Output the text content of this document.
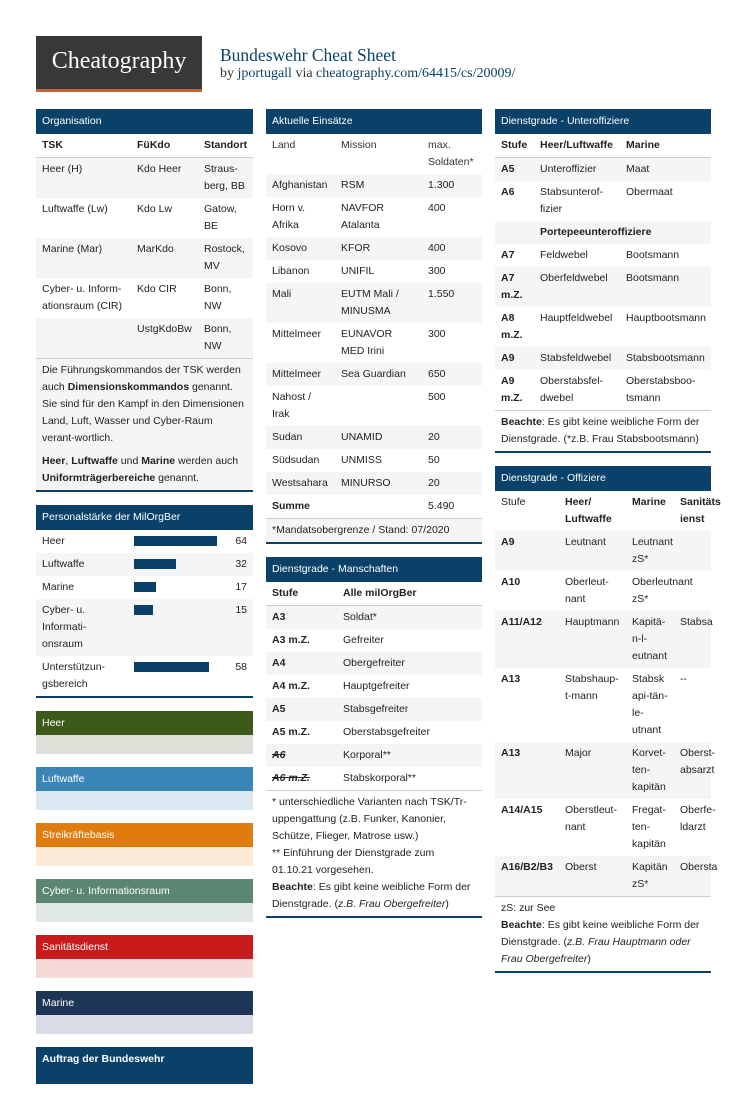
Cheatography	Bundeswehr Cheat Sheet
by jportugall via cheatography.com/64415/cs/20009/
Organisation
TSK	FüKdo	Standort
Heer (H)	Kdo Heer	Straus-berg, BB
Luftwaffe (Lw)	Kdo Lw	Gatow, BE
Marine (Mar)	MarKdo	Rostock, MV
Cyber- u. Inform-ationsraum (CIR)	Kdo CIR	Bonn, NW
	UstgKdoBw	Bonn, NW
Die Führungskommandos der TSK werden auch Dimensionskommandos genannt. Sie sind für den Kampf in den Dimensionen Land, Luft, Wasser und Cyber-Raum verant-wortlich.
Heer, Luftwaffe und Marine werden auch Uniformträgerbereiche genannt.
Personalstärke der MilOrgBer
Heer		64
Luftwaffe		32
Marine		17
Cyber- u. Informati-onsraum		15
Unterstützun-gsbereich		58
Heer
Luftwaffe
Streikräftebasis
Cyber- u. Informationsraum
Sanitätsdienst
Marine
Auftrag der Bundeswehr
Aktuelle Einsätze
Land	Mission	max. Soldaten*
Afghanistan	RSM	1.300
Horn v. Afrika	NAVFOR Atalanta	400
Kosovo	KFOR	400
Libanon	UNIFIL	300
Mali	EUTM Mali / MINUSMA	1.550
Mittelmeer	EUNAVOR MED Irini	300
Mittelmeer	Sea Guardian	650
Nahost / Irak		500
Sudan	UNAMID	20
Südsudan	UNMISS	50
Westsahara	MINURSO	20
Summe		5.490
*Mandatsobergrenze / Stand: 07/2020
Dienstgrade - Manschaften
Stufe	Alle milOrgBer
A3	Soldat*
A3 m.Z.	Gefreiter
A4	Obergefreiter
A4 m.Z.	Hauptgefreiter
A5	Stabsgefreiter
A5 m.Z.	Oberstabsgefreiter
A6	Korporal**
A6 m.Z.	Stabskorporal**
* unterschiedliche Varianten nach TSK/Tr-uppengattung (z.B. Funker, Kanonier, Schütze, Flieger, Matrose usw.)
** Einführung der Dienstgrade zum 01.10.21 vorgesehen.
Beachte: Es gibt keine weibliche Form der Dienstgrade. (z.B. Frau Obergefreiter)
Dienstgrade - Unteroffiziere
Stufe	Heer/Luftwaffe	Marine
A5	Unteroffizier	Maat
A6	Stabsunterof-fizier	Obermaat
	Portepeeunteroffiziere	
A7	Feldwebel	Bootsmann
A7 m.Z.	Oberfeldwebel	Bootsmann
A8 m.Z.	Hauptfeldwebel	Hauptbootsmann
A9	Stabsfeldwebel	Stabsbootsmann
A9 m.Z.	Oberstabsfel-dwebel	Oberstabsboo-tsmann
Beachte: Es gibt keine weibliche Form der Dienstgrade. (*z.B. Frau Stabsbootsmann)
Dienstgrade - Offiziere
Stufe	Heer/ Luftwaffe	Marine	Sanitäts ienst
A9	Leutnant	Leutnant zS*	
A10	Oberleut-nant	Oberleutnant zS*	
A11/A12	Hauptmann	Kapitä-n-l-eutnant	Stabsa
A13	Stabshaup-t-mann	Stabsk api-tän-le-utnant	--
A13	Major	Korvet-ten-kapitän	Oberst-absarzt
A14/A15	Oberstleut-nant	Fregat-ten-kapitän	Oberfe-ldarzt
A16/B2/B3	Oberst	Kapitän zS*	Obersta
zS: zur See
Beachte: Es gibt keine weibliche Form der Dienstgrade. (z.B. Frau Hauptmann oder Frau Obergefreiter)
